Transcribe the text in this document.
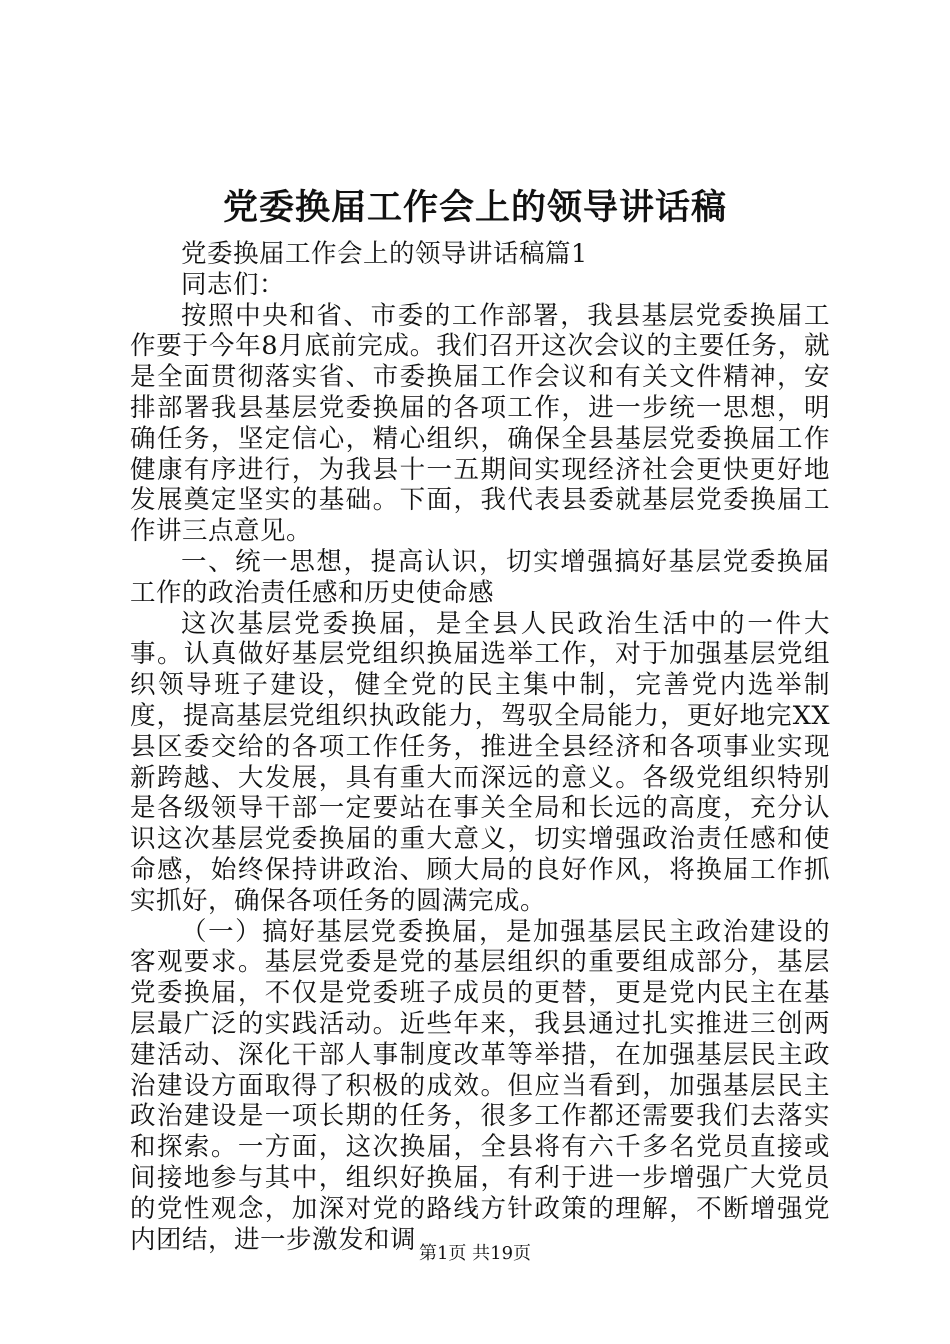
党委换届工作会上的领导讲话稿

党委换届工作会上的领导讲话稿篇1

同志们：

按照中央和省、市委的工作部署，我县基层党委换届工作要于今年8月底前完成。我们召开这次会议的主要任务，就是全面贯彻落实省、市委换届工作会议和有关文件精神，安排部署我县基层党委换届的各项工作，进一步统一思想，明确任务，坚定信心，精心组织，确保全县基层党委换届工作健康有序进行，为我县十一五期间实现经济社会更快更好地发展奠定坚实的基础。下面，我代表县委就基层党委换届工作讲三点意见。

一、统一思想，提高认识，切实增强搞好基层党委换届工作的政治责任感和历史使命感

这次基层党委换届，是全县人民政治生活中的一件大事。认真做好基层党组织换届选举工作，对于加强基层党组织领导班子建设，健全党的民主集中制，完善党内选举制度，提高基层党组织执政能力，驾驭全局能力，更好地完XX县区委交给的各项工作任务，推进全县经济和各项事业实现新跨越、大发展，具有重大而深远的意义。各级党组织特别是各级领导干部一定要站在事关全局和长远的高度，充分认识这次基层党委换届的重大意义，切实增强政治责任感和使命感，始终保持讲政治、顾大局的良好作风，将换届工作抓实抓好，确保各项任务的圆满完成。

（一）搞好基层党委换届，是加强基层民主政治建设的客观要求。基层党委是党的基层组织的重要组成部分，基层党委换届，不仅是党委班子成员的更替，更是党内民主在基层最广泛的实践活动。近些年来，我县通过扎实推进三创两建活动、深化干部人事制度改革等举措，在加强基层民主政治建设方面取得了积极的成效。但应当看到，加强基层民主政治建设是一项长期的任务，很多工作都还需要我们去落实和探索。一方面，这次换届，全县将有六千多名党员直接或间接地参与其中，组织好换届，有利于进一步增强广大党员的党性观念，加深对党的路线方针政策的理解，不断增强党内团结，进一步激发和调 第1页 共19页
